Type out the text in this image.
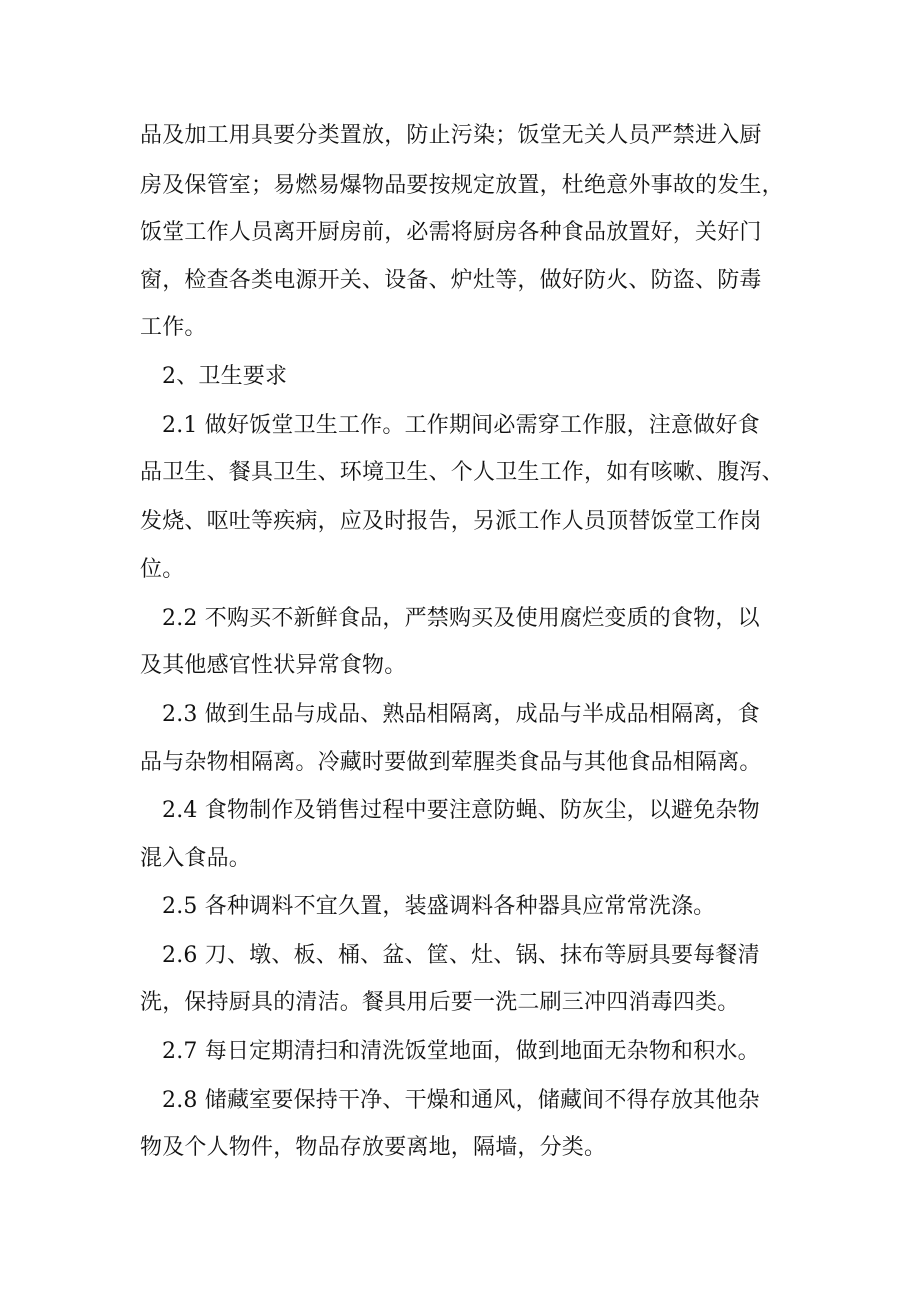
品及加工用具要分类置放，防止污染；饭堂无关人员严禁进入厨
房及保管室；易燃易爆物品要按规定放置，杜绝意外事故的发生，
饭堂工作人员离开厨房前，必需将厨房各种食品放置好，关好门
窗，检查各类电源开关、设备、炉灶等，做好防火、防盗、防毒
工作。
2、卫生要求
2.1 做好饭堂卫生工作。工作期间必需穿工作服，注意做好食
品卫生、餐具卫生、环境卫生、个人卫生工作，如有咳嗽、腹泻、
发烧、呕吐等疾病，应及时报告，另派工作人员顶替饭堂工作岗
位。
2.2 不购买不新鲜食品，严禁购买及使用腐烂变质的食物，以
及其他感官性状异常食物。
2.3 做到生品与成品、熟品相隔离，成品与半成品相隔离，食
品与杂物相隔离。冷藏时要做到荤腥类食品与其他食品相隔离。
2.4 食物制作及销售过程中要注意防蝇、防灰尘，以避免杂物
混入食品。
2.5 各种调料不宜久置，装盛调料各种器具应常常洗涤。
2.6 刀、墩、板、桶、盆、筐、灶、锅、抹布等厨具要每餐清
洗，保持厨具的清洁。餐具用后要一洗二刷三冲四消毒四类。
2.7 每日定期清扫和清洗饭堂地面，做到地面无杂物和积水。
2.8 储藏室要保持干净、干燥和通风，储藏间不得存放其他杂
物及个人物件，物品存放要离地，隔墙，分类。
